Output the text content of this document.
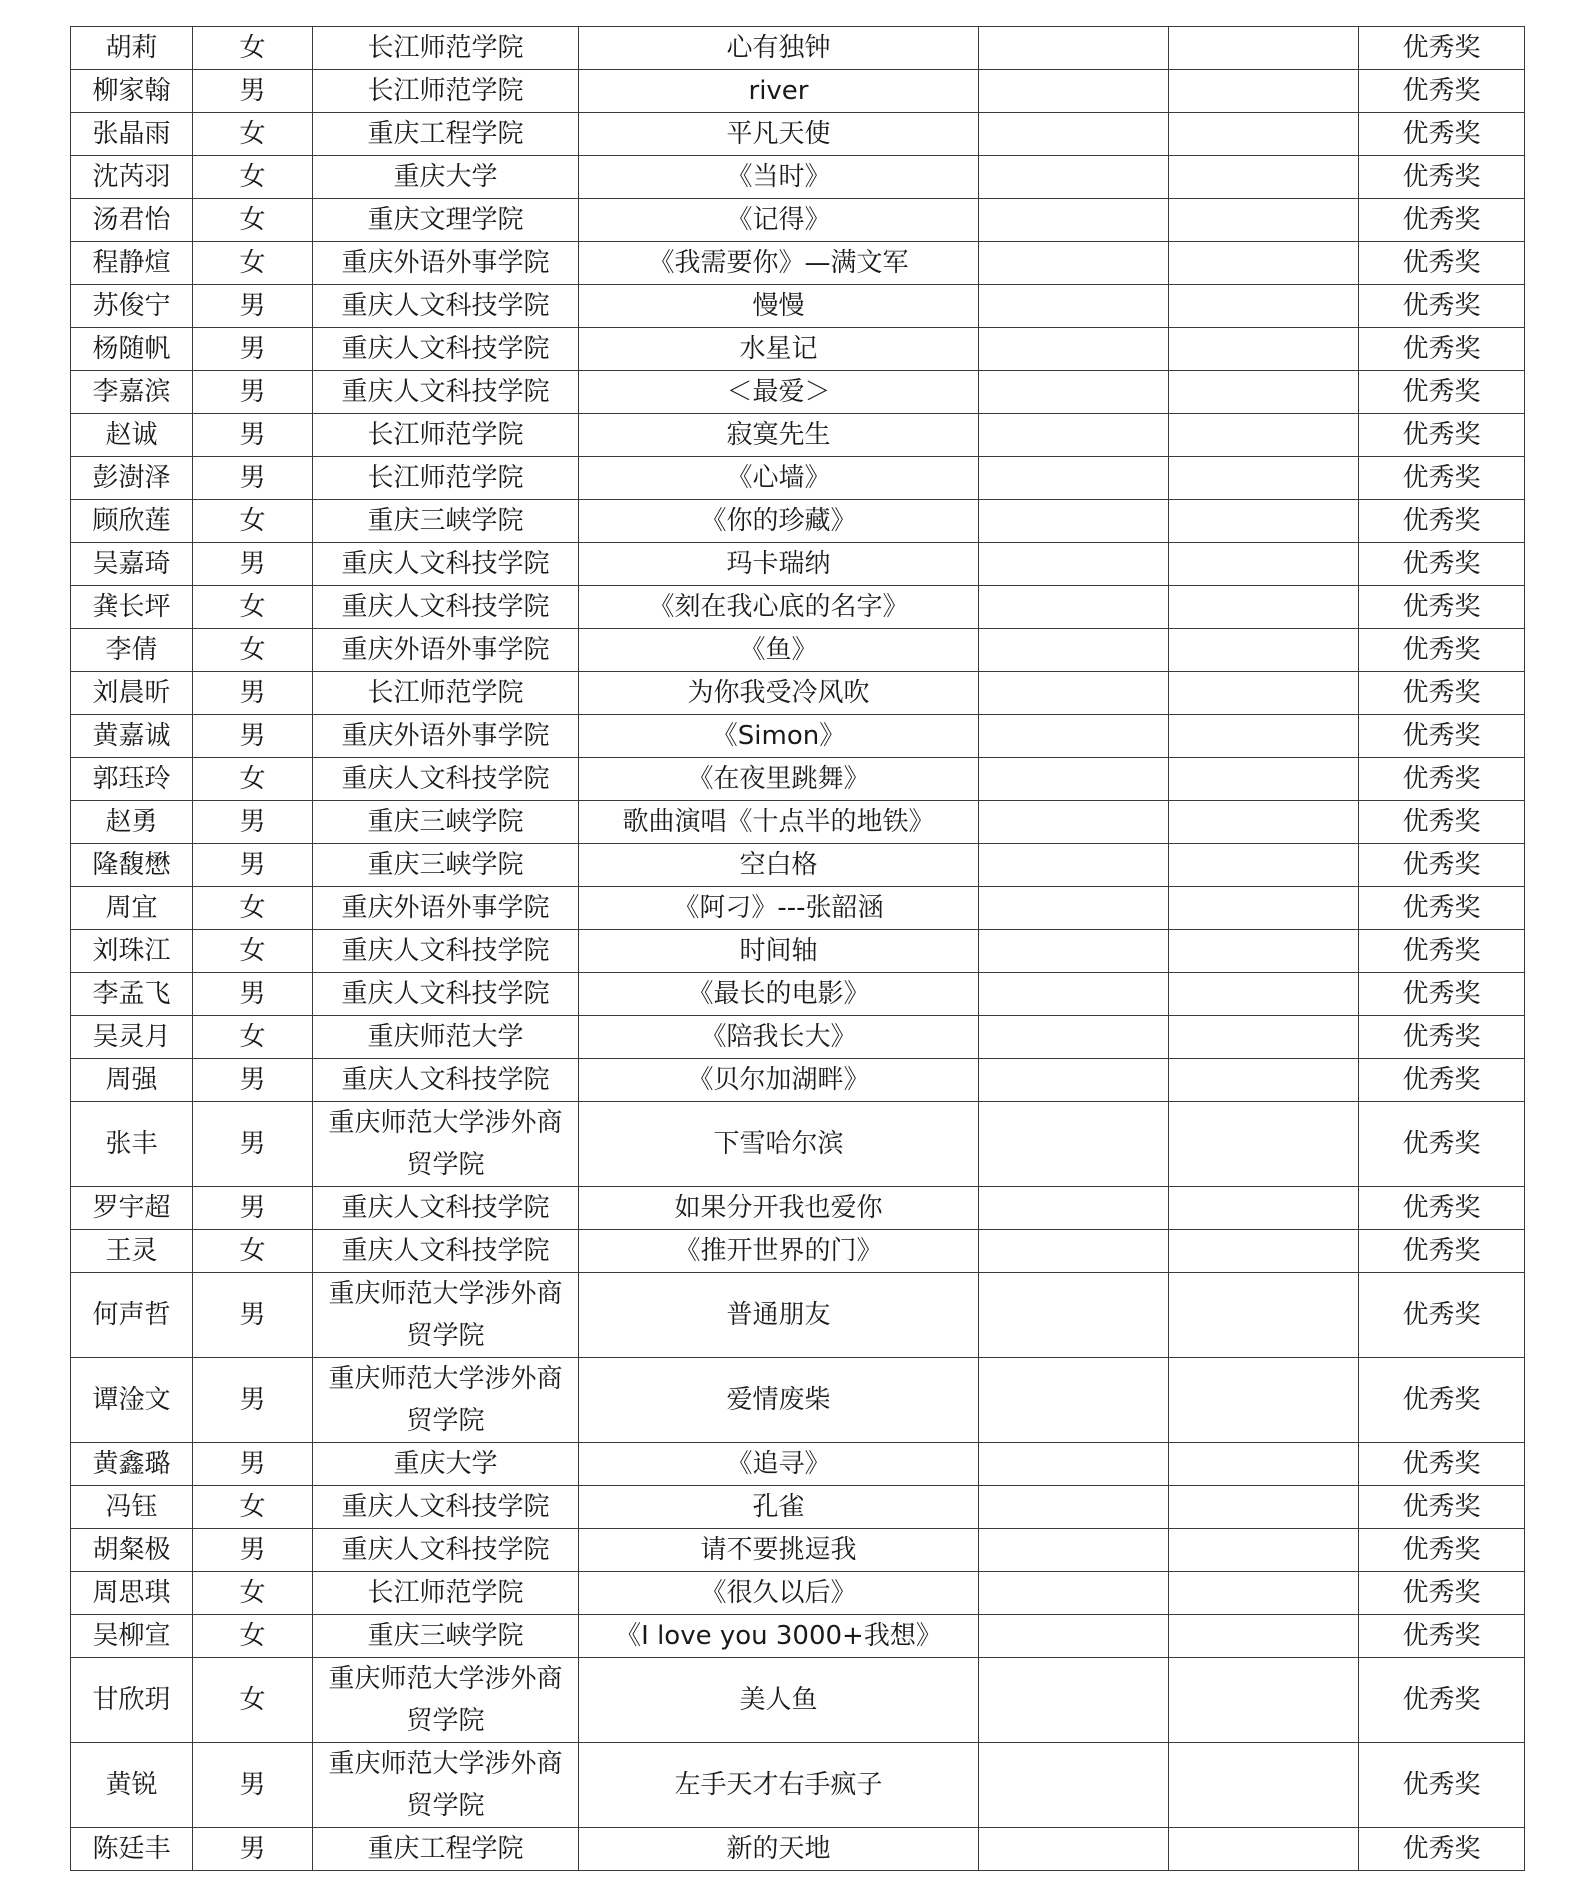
胡莉	女	长江师范学院	心有独钟			优秀奖
柳家翰	男	长江师范学院	river			优秀奖
张晶雨	女	重庆工程学院	平凡天使			优秀奖
沈芮羽	女	重庆大学	《当时》			优秀奖
汤君怡	女	重庆文理学院	《记得》			优秀奖
程静煊	女	重庆外语外事学院	《我需要你》—满文军			优秀奖
苏俊宁	男	重庆人文科技学院	慢慢			优秀奖
杨随帆	男	重庆人文科技学院	水星记			优秀奖
李嘉滨	男	重庆人文科技学院	＜最爱＞			优秀奖
赵诚	男	长江师范学院	寂寞先生			优秀奖
彭澍泽	男	长江师范学院	《心墙》			优秀奖
顾欣莲	女	重庆三峡学院	《你的珍藏》			优秀奖
吴嘉琦	男	重庆人文科技学院	玛卡瑞纳			优秀奖
龚长坪	女	重庆人文科技学院	《刻在我心底的名字》			优秀奖
李倩	女	重庆外语外事学院	《鱼》			优秀奖
刘晨昕	男	长江师范学院	为你我受冷风吹			优秀奖
黄嘉诚	男	重庆外语外事学院	《Simon》			优秀奖
郭珏玲	女	重庆人文科技学院	《在夜里跳舞》			优秀奖
赵勇	男	重庆三峡学院	歌曲演唱《十点半的地铁》			优秀奖
隆馥懋	男	重庆三峡学院	空白格			优秀奖
周宜	女	重庆外语外事学院	《阿刁》---张韶涵			优秀奖
刘珠江	女	重庆人文科技学院	时间轴			优秀奖
李孟飞	男	重庆人文科技学院	《最长的电影》			优秀奖
吴灵月	女	重庆师范大学	《陪我长大》			优秀奖
周强	男	重庆人文科技学院	《贝尔加湖畔》			优秀奖
张丰	男	重庆师范大学涉外商贸学院	下雪哈尔滨			优秀奖
罗宇超	男	重庆人文科技学院	如果分开我也爱你			优秀奖
王灵	女	重庆人文科技学院	《推开世界的门》			优秀奖
何声哲	男	重庆师范大学涉外商贸学院	普通朋友			优秀奖
谭淦文	男	重庆师范大学涉外商贸学院	爱情废柴			优秀奖
黄鑫璐	男	重庆大学	《追寻》			优秀奖
冯钰	女	重庆人文科技学院	孔雀			优秀奖
胡粲极	男	重庆人文科技学院	请不要挑逗我			优秀奖
周思琪	女	长江师范学院	《很久以后》			优秀奖
吴柳宣	女	重庆三峡学院	《I love you 3000+我想》			优秀奖
甘欣玥	女	重庆师范大学涉外商贸学院	美人鱼			优秀奖
黄锐	男	重庆师范大学涉外商贸学院	左手天才右手疯子			优秀奖
陈廷丰	男	重庆工程学院	新的天地			优秀奖
